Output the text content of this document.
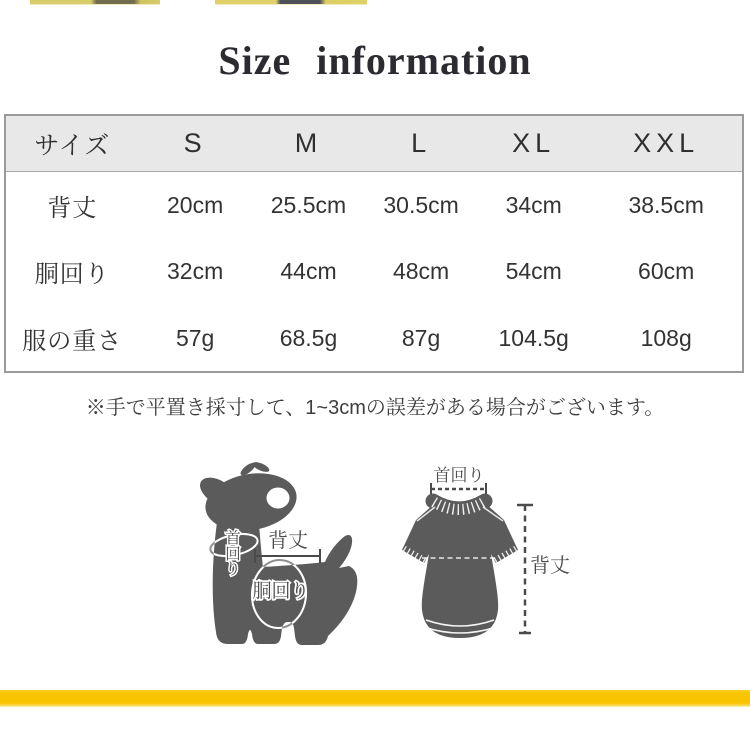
Size information
サイズ	S	M	L	XL	XXL
背丈	20cm	25.5cm	30.5cm	34cm	38.5cm
胴回り	32cm	44cm	48cm	54cm	60cm
服の重さ	57g	68.5g	87g	104.5g	108g
※手で平置き採寸して、1~3cmの誤差がある場合がございます。
背丈
首
回
り
胴回り
首回り
背丈
